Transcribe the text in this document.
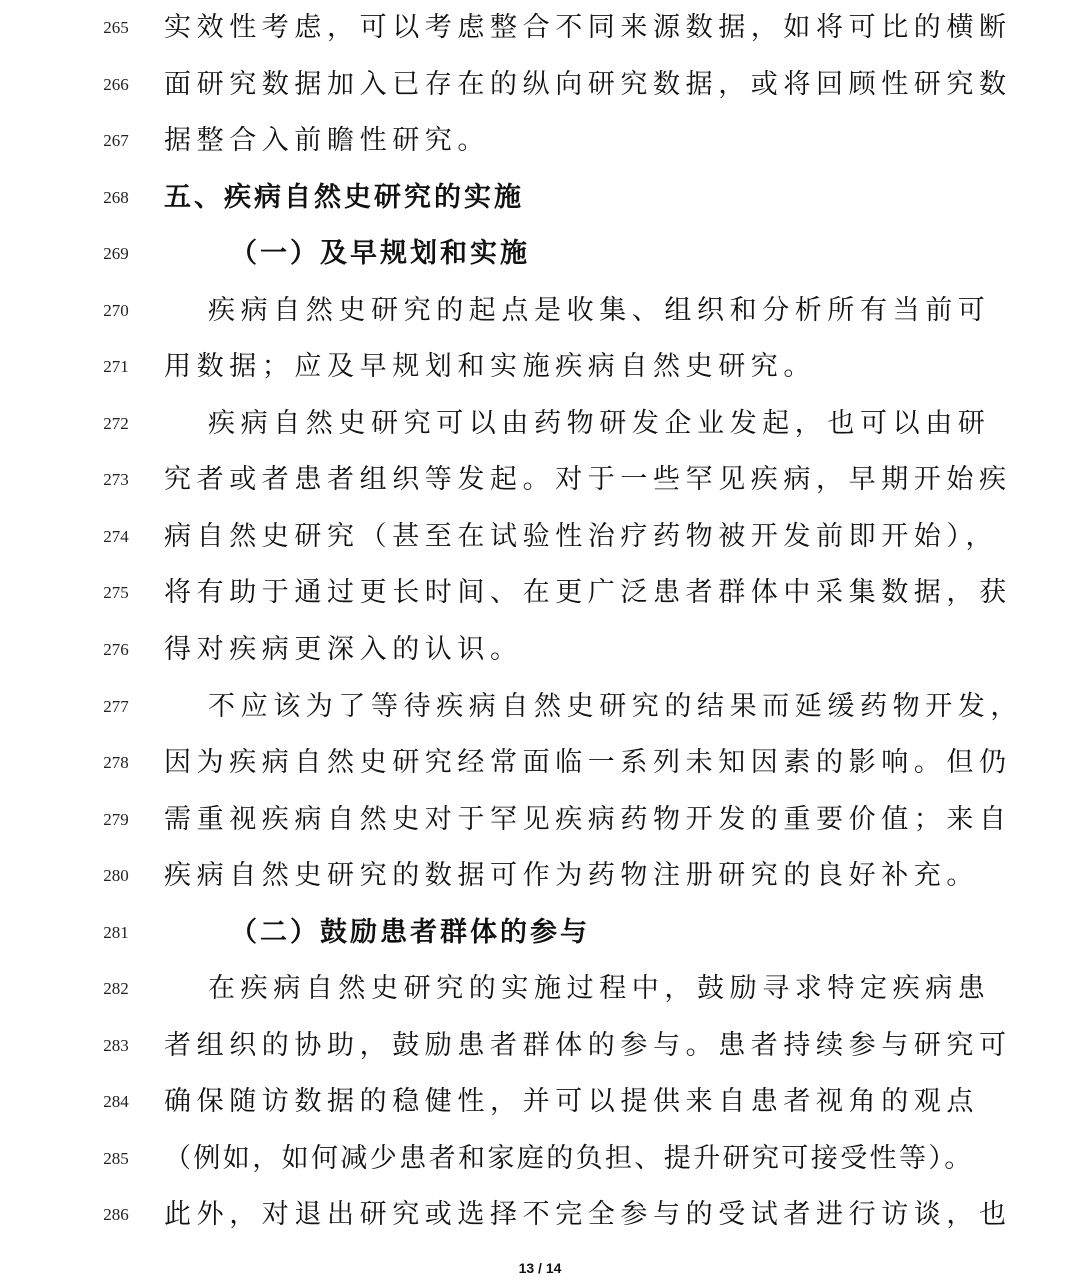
265 实效性考虑，可以考虑整合不同来源数据，如将可比的横断
266 面研究数据加入已存在的纵向研究数据，或将回顾性研究数
267 据整合入前瞻性研究。
268 五、疾病自然史研究的实施
269	（一）及早规划和实施
270	疾病自然史研究的起点是收集、组织和分析所有当前可
271 用数据；应及早规划和实施疾病自然史研究。
272	疾病自然史研究可以由药物研发企业发起，也可以由研
273 究者或者患者组织等发起。对于一些罕见疾病，早期开始疾
274 病自然史研究（甚至在试验性治疗药物被开发前即开始），
275 将有助于通过更长时间、在更广泛患者群体中采集数据，获
276 得对疾病更深入的认识。
277	不应该为了等待疾病自然史研究的结果而延缓药物开发，
278 因为疾病自然史研究经常面临一系列未知因素的影响。但仍
279 需重视疾病自然史对于罕见疾病药物开发的重要价值；来自
280 疾病自然史研究的数据可作为药物注册研究的良好补充。
281	（二）鼓励患者群体的参与
282	在疾病自然史研究的实施过程中，鼓励寻求特定疾病患
283 者组织的协助，鼓励患者群体的参与。患者持续参与研究可
284 确保随访数据的稳健性，并可以提供来自患者视角的观点
285 （例如，如何减少患者和家庭的负担、提升研究可接受性等）。
286 此外，对退出研究或选择不完全参与的受试者进行访谈，也
13 / 14
